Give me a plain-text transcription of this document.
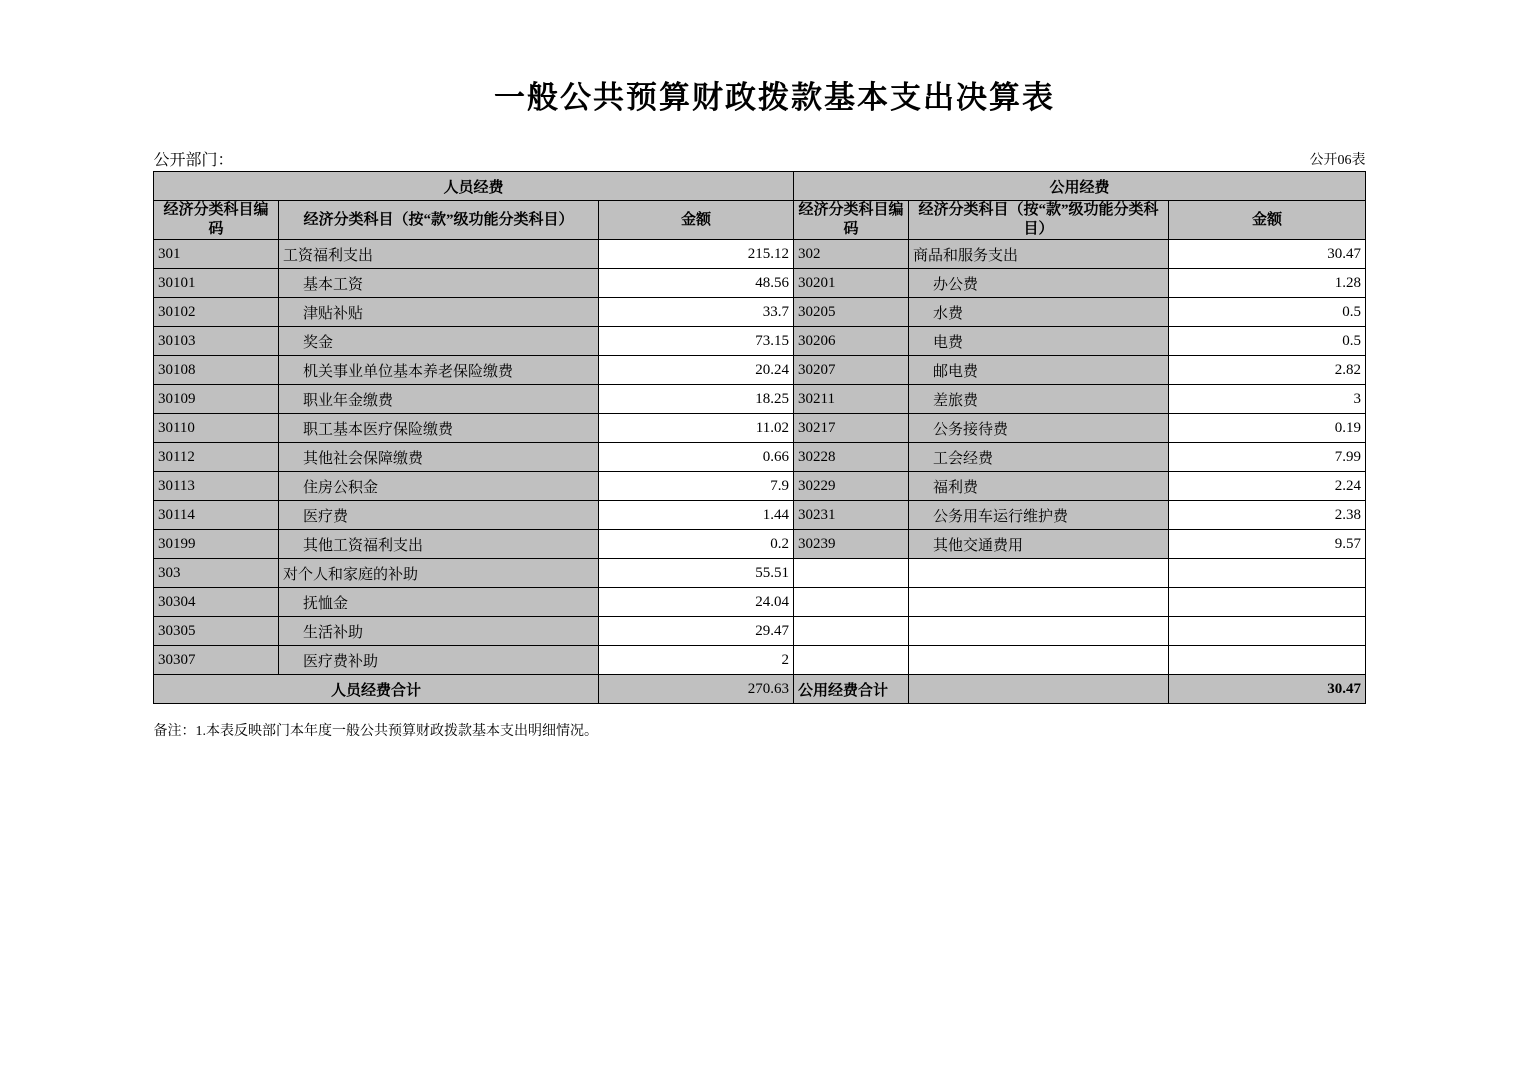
一般公共预算财政拨款基本支出决算表
公开部门：	公开06表
人员经费			公用经费		
经济分类科目编码	经济分类科目（按“款”级功能分类科目）	金额	经济分类科目编码	经济分类科目（按“款”级功能分类科目）	金额
301	工资福利支出	215.12	302	商品和服务支出	30.47
30101	基本工资	48.56	30201	办公费	1.28
30102	津贴补贴	33.7	30205	水费	0.5
30103	奖金	73.15	30206	电费	0.5
30108	机关事业单位基本养老保险缴费	20.24	30207	邮电费	2.82
30109	职业年金缴费	18.25	30211	差旅费	3
30110	职工基本医疗保险缴费	11.02	30217	公务接待费	0.19
30112	其他社会保障缴费	0.66	30228	工会经费	7.99
30113	住房公积金	7.9	30229	福利费	2.24
30114	医疗费	1.44	30231	公务用车运行维护费	2.38
30199	其他工资福利支出	0.2	30239	其他交通费用	9.57
303	对个人和家庭的补助	55.51			
30304	抚恤金	24.04			
30305	生活补助	29.47			
30307	医疗费补助	2			
人员经费合计		270.63	公用经费合计		30.47
备注：1.本表反映部门本年度一般公共预算财政拨款基本支出明细情况。
